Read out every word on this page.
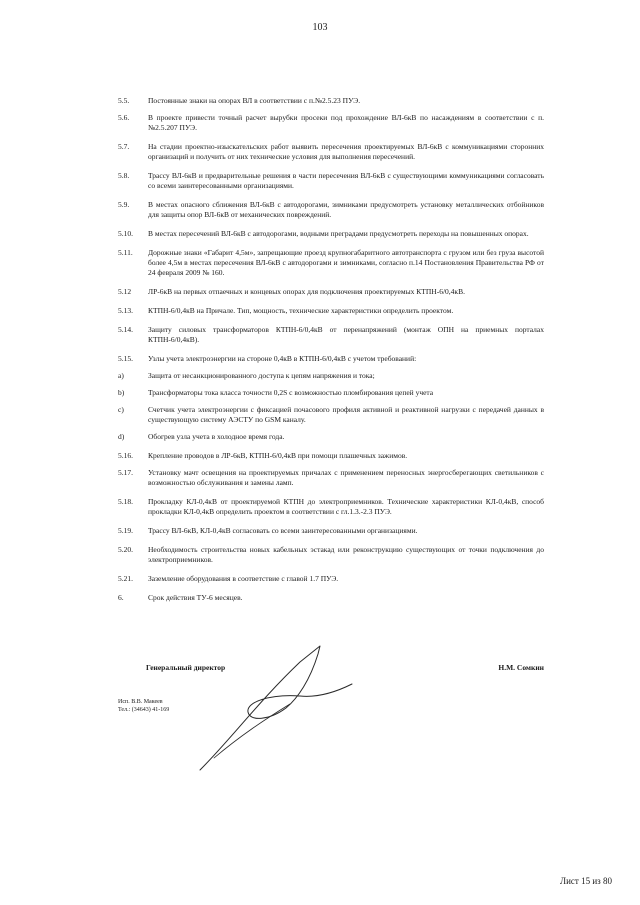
103
5.5.	Постоянные знаки на опорах ВЛ в соответствии с п.№2.5.23 ПУЭ.
5.6.	В проекте привести точный расчет вырубки просеки под прохождение ВЛ-6кВ по насаждениям в соответствии с п.№2.5.207 ПУЭ.
5.7.	На стадии проектно-изыскательских работ выявить пересечения проектируемых ВЛ-6кВ с коммуникациями сторонних организаций и получить от них технические условия для выполнения пересечений.
5.8.	Трассу ВЛ-6кВ и предварительные решения в части пересечения ВЛ-6кВ с существующими коммуникациями согласовать со всеми заинтересованными организациями.
5.9.	В местах опасного сближения ВЛ-6кВ с автодорогами, зимниками предусмотреть установку металлических отбойников для защиты опор ВЛ-6кВ от механических повреждений.
5.10. В местах пересечений ВЛ-6кВ с автодорогами, водными преградами предусмотреть переходы на повышенных опорах.
5.11. Дорожные знаки «Габарит 4,5м», запрещающие проезд крупногабаритного автотранспорта с грузом или без груза высотой более 4,5м в местах пересечения ВЛ-6кВ с автодорогами и зимниками, согласно п.14 Постановления Правительства РФ от 24 февраля 2009 № 160.
5.12 ЛР-6кВ на первых отпаечных и концевых опорах для подключения проектируемых КТПН-6/0,4кВ.
5.13. КТПН-6/0,4кВ на Причале. Тип, мощность, технические характеристики определить проектом.
5.14. Защиту силовых трансформаторов КТПН-6/0,4кВ от перенапряжений (монтаж ОПН на приемных порталах КТПН-6/0,4кВ).
5.15. Узлы учета электроэнергии на стороне 0,4кВ в КТПН-6/0,4кВ с учетом требований:
a)	Защита от несанкционированного доступа к цепям напряжения и тока;
b)	Трансформаторы тока класса точности 0,2S с возможностью пломбирования цепей учета
c)	Счетчик учета электроэнергии с фиксацией почасового профиля активной и реактивной нагрузки с передачей данных в существующую систему АЭСТУ по GSM каналу.
d)	Обогрев узла учета в холодное время года.
5.16. Крепление проводов в ЛР-6кВ, КТПН-6/0,4кВ при помощи плашечных зажимов.
5.17. Установку мачт освещения на проектируемых причалах с применением переносных энергосберегающих светильников с возможностью обслуживания и замены ламп.
5.18. Прокладку КЛ-0,4кВ от проектируемой КТПН до электроприемников. Технические характеристики КЛ-0,4кВ, способ прокладки КЛ-0,4кВ определить проектом в соответствии с гл.1.3.-2.3 ПУЭ.
5.19. Трассу ВЛ-6кВ, КЛ-0,4кВ согласовать со всеми заинтересованными организациями.
5.20. Необходимость строительства новых кабельных эстакад или реконструкцию существующих от точки подключения до электроприемников.
5.21. Заземление оборудования в соответствие с главой 1.7 ПУЭ.
6.	Срок действия ТУ-6 месяцев.
Генеральный директор	Н.М. Сомкин
Исп. В.В. Макеев
Тел.: (34643) 41-169
Лист 15 из 80
